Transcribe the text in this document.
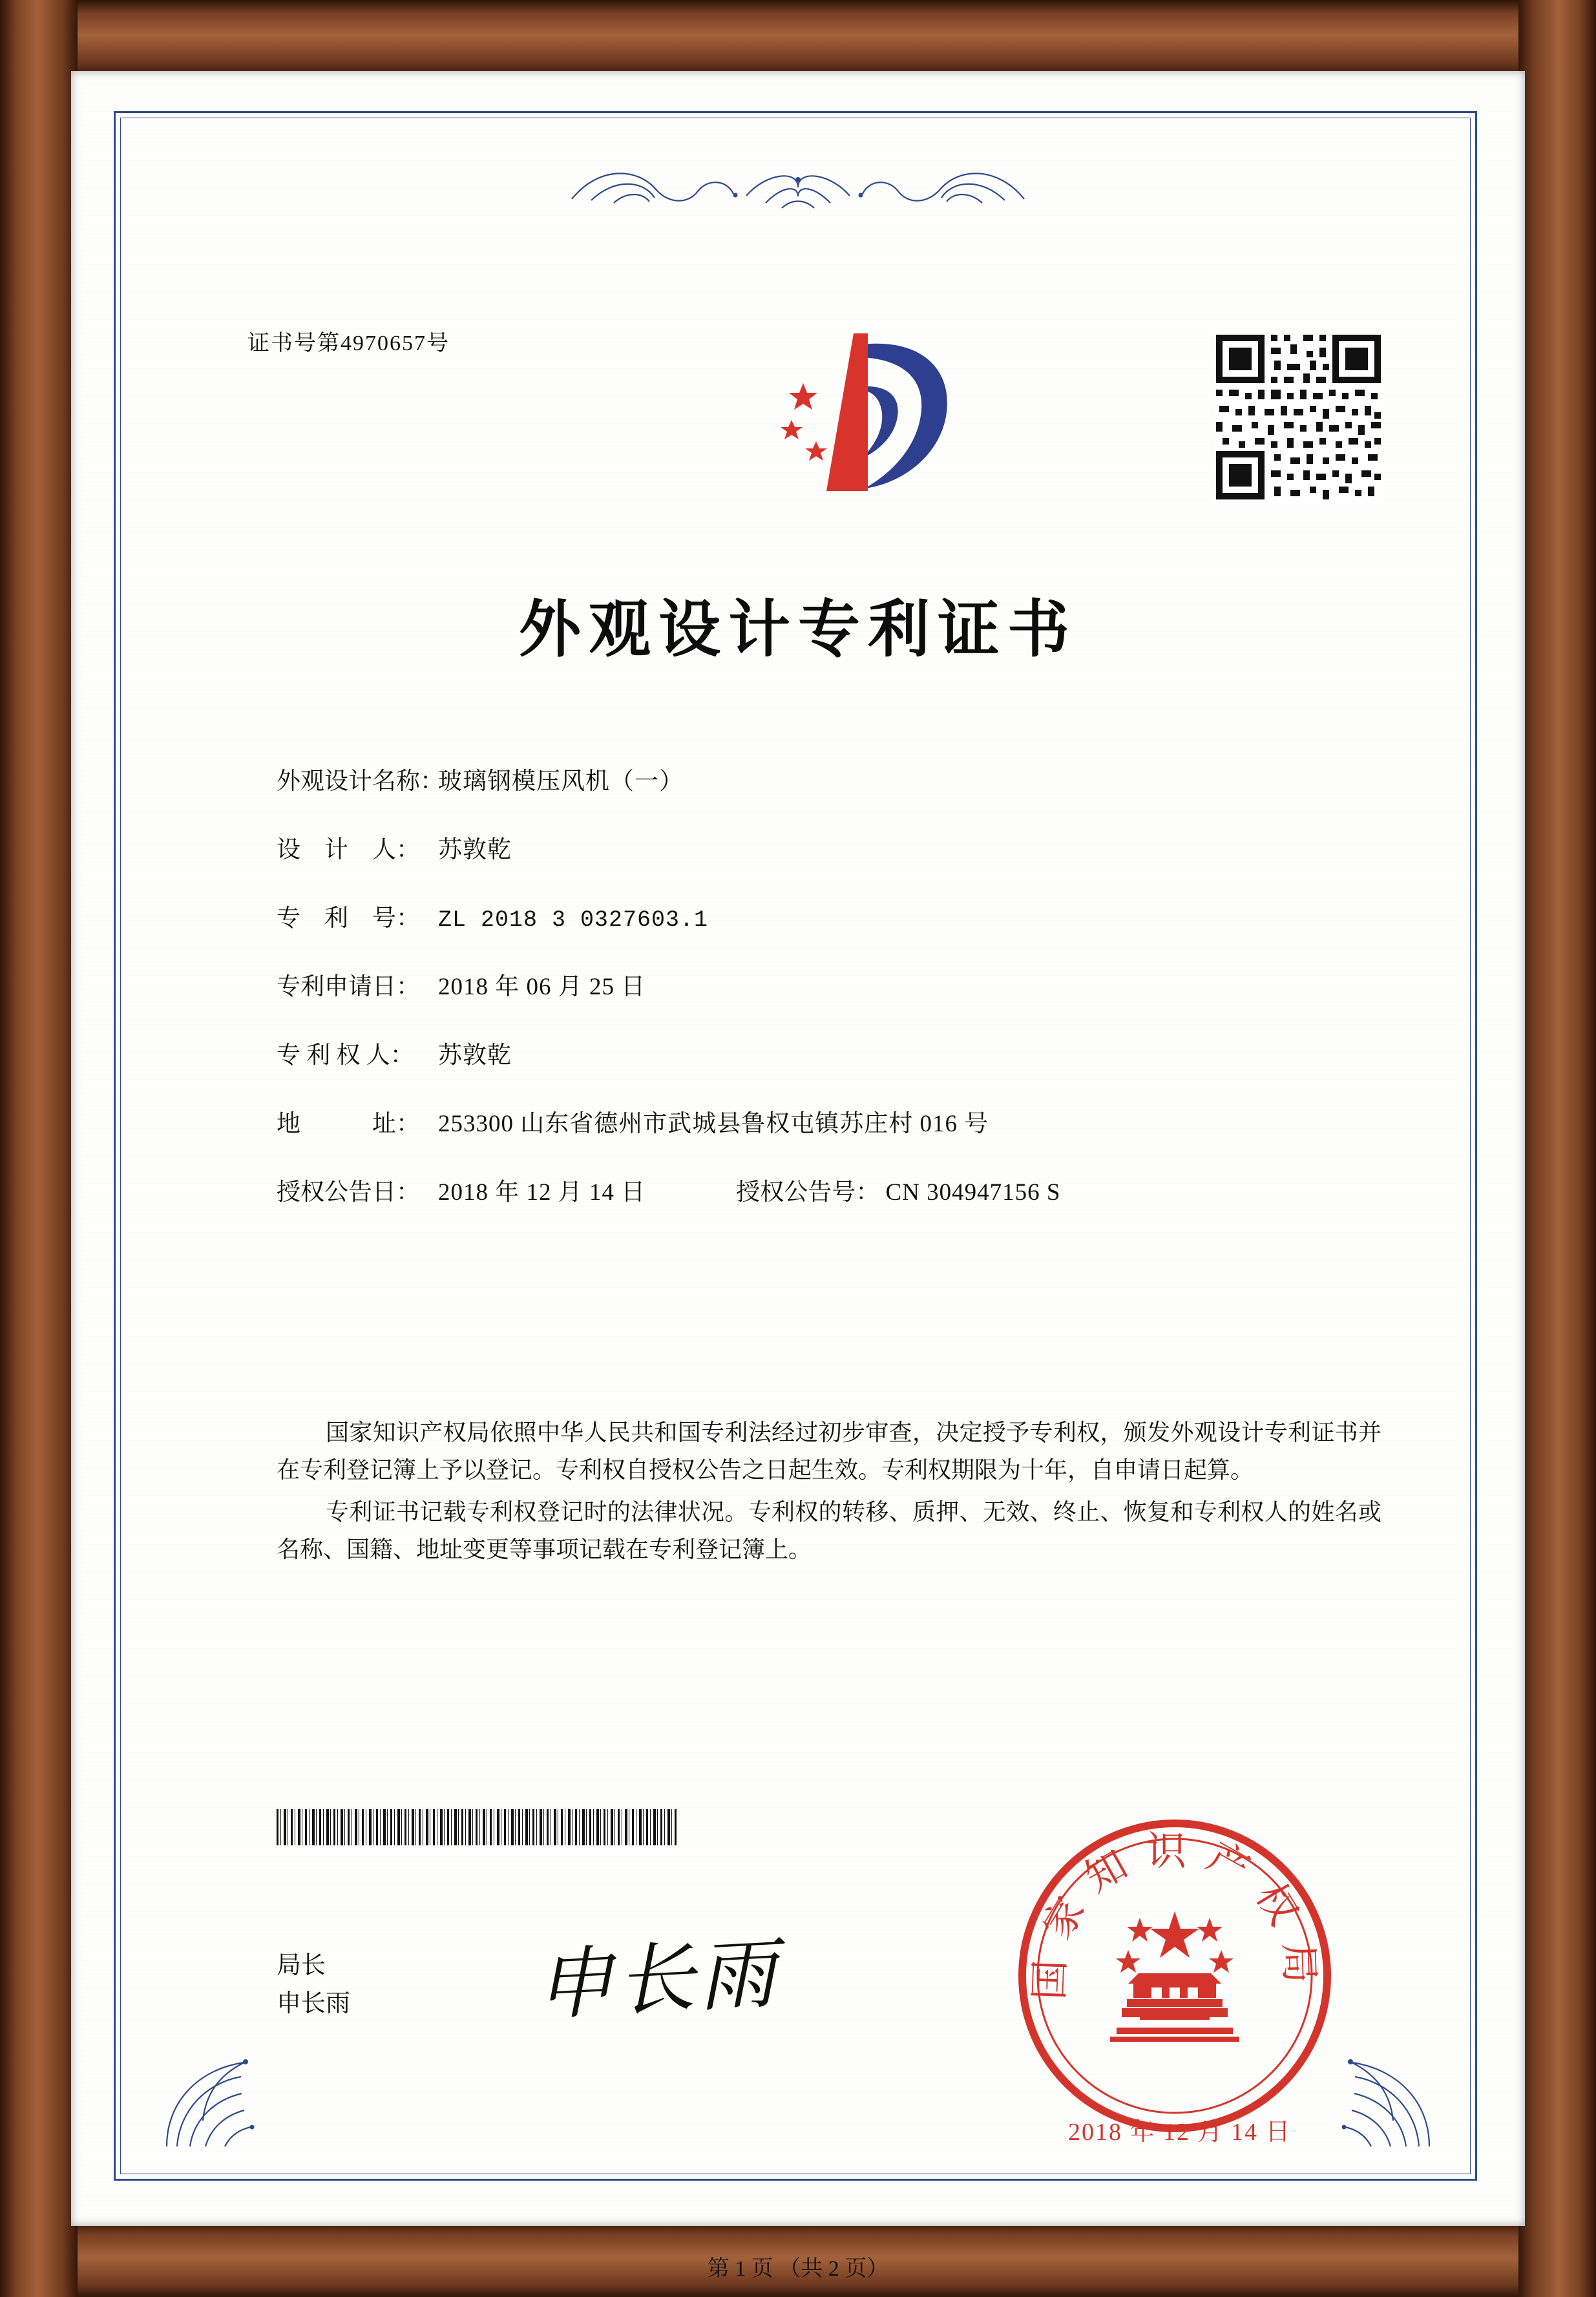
证书号第4970657号
外观设计专利证书
外观设计名称：
玻璃钢模压风机（一）
设　计　人： 苏敦乾
专　利　号： ZL 2018 3 0327603.1
专利申请日： 2018 年 06 月 25 日
专 利 权 人：	苏敦乾
地　　　址： 253300 山东省德州市武城县鲁权屯镇苏庄村 016 号
授权公告日： 2018 年 12 月 14 日	授权公告号： CN 304947156 S

国家知识产权局依照中华人民共和国专利法经过初步审查，决定授予专利权，颁发外观设计专利证书并在专利登记簿上予以登记。专利权自授权公告之日起生效。专利权期限为十年，自申请日起算。

专利证书记载专利权登记时的法律状况。专利权的转移、质押、无效、终止、恢复和专利权人的姓名或名称、国籍、地址变更等事项记载在专利登记簿上。

局长
申长雨 申长雨	国家知识产权局
2018 年 12 月 14 日
第 1 页 （共 2 页）
